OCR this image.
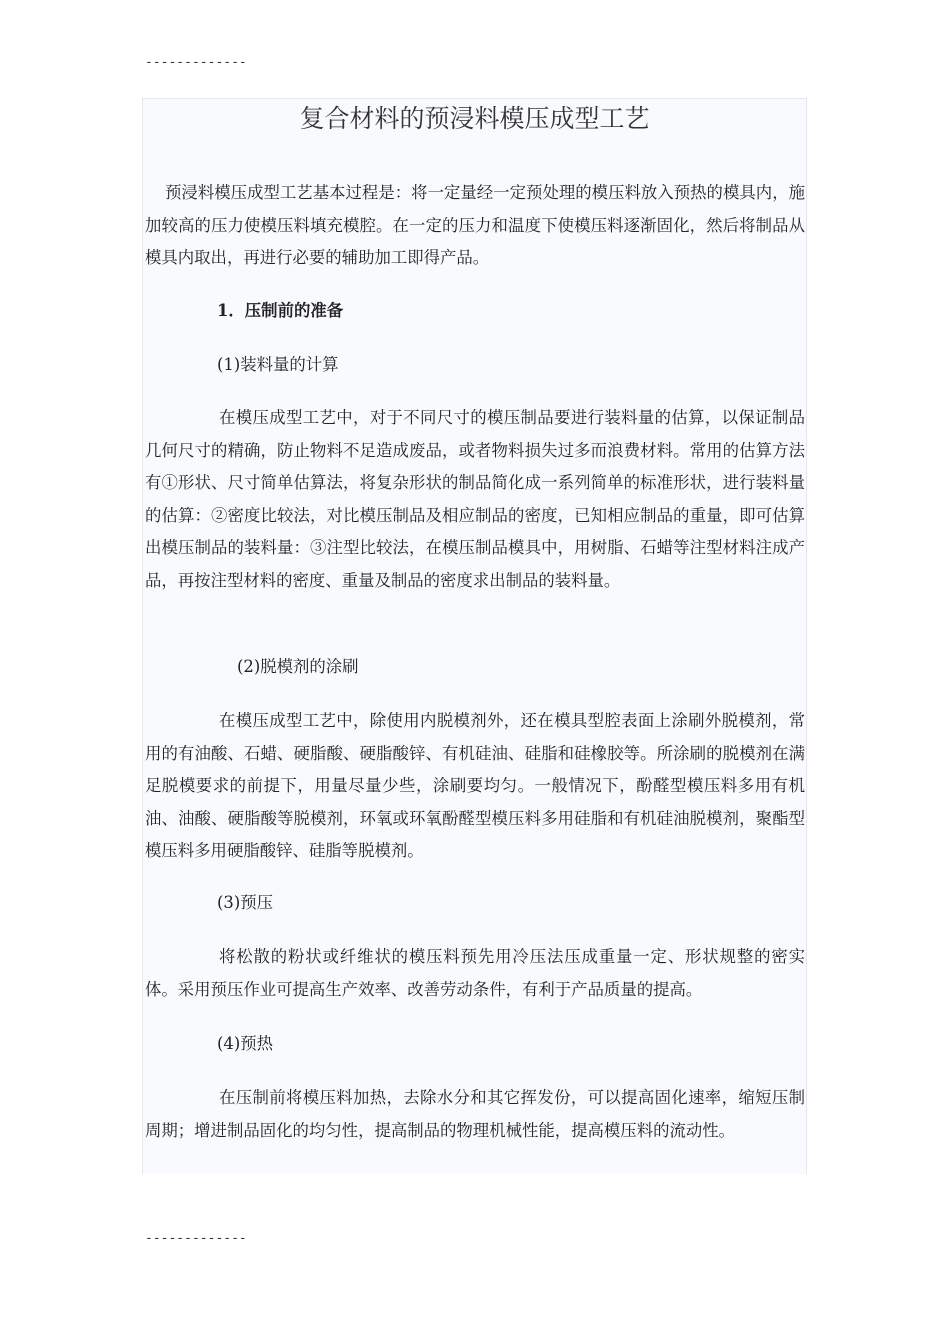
-------------
复合材料的预浸料模压成型工艺

预浸料模压成型工艺基本过程是：将一定量经一定预处理的模压料放入预热的模具内，施加较高的压力使模压料填充模腔。在一定的压力和温度下使模压料逐渐固化，然后将制品从模具内取出，再进行必要的辅助加工即得产品。

1．压制前的准备
(1)装料量的计算

在模压成型工艺中，对于不同尺寸的模压制品要进行装料量的估算，以保证制品几何尺寸的精确，防止物料不足造成废品，或者物料损失过多而浪费材料。常用的估算方法有①形状、尺寸简单估算法，将复杂形状的制品简化成一系列简单的标准形状，进行装料量的估算：②密度比较法，对比模压制品及相应制品的密度，已知相应制品的重量，即可估算出模压制品的装料量：③注型比较法，在模压制品模具中，用树脂、石蜡等注型材料注成产品，再按注型材料的密度、重量及制品的密度求出制品的装料量。

(2)脱模剂的涂刷

在模压成型工艺中，除使用内脱模剂外，还在模具型腔表面上涂刷外脱模剂，常用的有油酸、石蜡、硬脂酸、硬脂酸锌、有机硅油、硅脂和硅橡胶等。所涂刷的脱模剂在满足脱模要求的前提下，用量尽量少些，涂刷要均匀。一般情况下，酚醛型模压料多用有机油、油酸、硬脂酸等脱模剂，环氧或环氧酚醛型模压料多用硅脂和有机硅油脱模剂，聚酯型模压料多用硬脂酸锌、硅脂等脱模剂。

(3)预压

将松散的粉状或纤维状的模压料预先用冷压法压成重量一定、形状规整的密实体。采用预压作业可提高生产效率、改善劳动条件，有利于产品质量的提高。

(4)预热

在压制前将模压料加热，去除水分和其它挥发份，可以提高固化速率，缩短压制周期；增进制品固化的均匀性，提高制品的物理机械性能，提高模压料的流动性。

-------------
